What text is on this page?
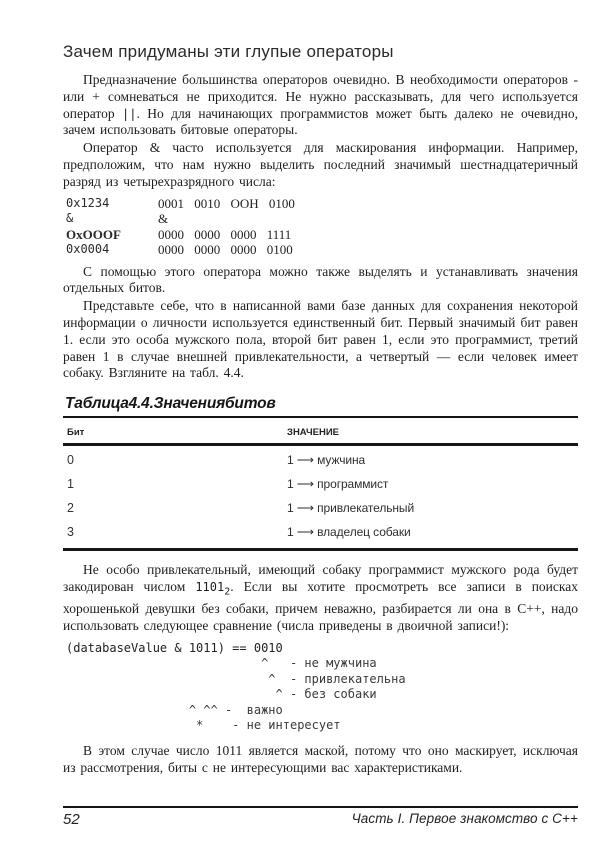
Зачем придуманы эти глупые операторы

Предназначение большинства операторов очевидно. В необходимости операторов - или + сомневаться не приходится. Не нужно рассказывать, для чего используется оператор ||. Но для начинающих программистов может быть далеко не очевидно, зачем использовать битовые операторы.

Оператор & часто используется для маскирования информации. Например, предположим, что нам нужно выделить последний значимый шестнадцатеричный разряд из четырехразрядного числа:

0x1234	0001 0010 OOH 0100
&	&
OxOOOF	0000 0000 0000 1111
0x0004	0000 0000 0000 0100

С помощью этого оператора можно также выделять и устанавливать значения отдельных битов.

Представьте себе, что в написанной вами базе данных для сохранения некоторой информации о личности используется единственный бит. Первый значимый бит равен 1. если это особа мужского пола, второй бит равен 1, если это программист, третий равен 1 в случае внешней привлекательности, а четвертый — если человек имеет собаку. Взгляните на табл. 4.4.

Таблица4.4.Значениябитов
Бит	ЗНАЧЕНИЕ
0	1 ⟶ мужчина
1	1 ⟶ программист
2	1 ⟶ привлекательный
3	1 ⟶ владелец собаки

Не особо привлекательный, имеющий собаку программист мужского рода будет закодирован числом $1101_2$. Если вы хотите просмотреть все записи в поисках хорошенькой девушки без собаки, причем неважно, разбирается ли она в C++, надо использовать следующее сравнение (числа приведены в двоичной записи!):

(databaseValue & 1011) == 0010
^   - не мужчина
^  - привлекательна
^ - без собаки
^ ^^ -  важно
*    - не интересует

В этом случае число 1011 является маской, потому что оно маскирует, исключая из рассмотрения, биты с не интересующими вас характеристиками.

52	Часть I. Первое знакомство с C++
